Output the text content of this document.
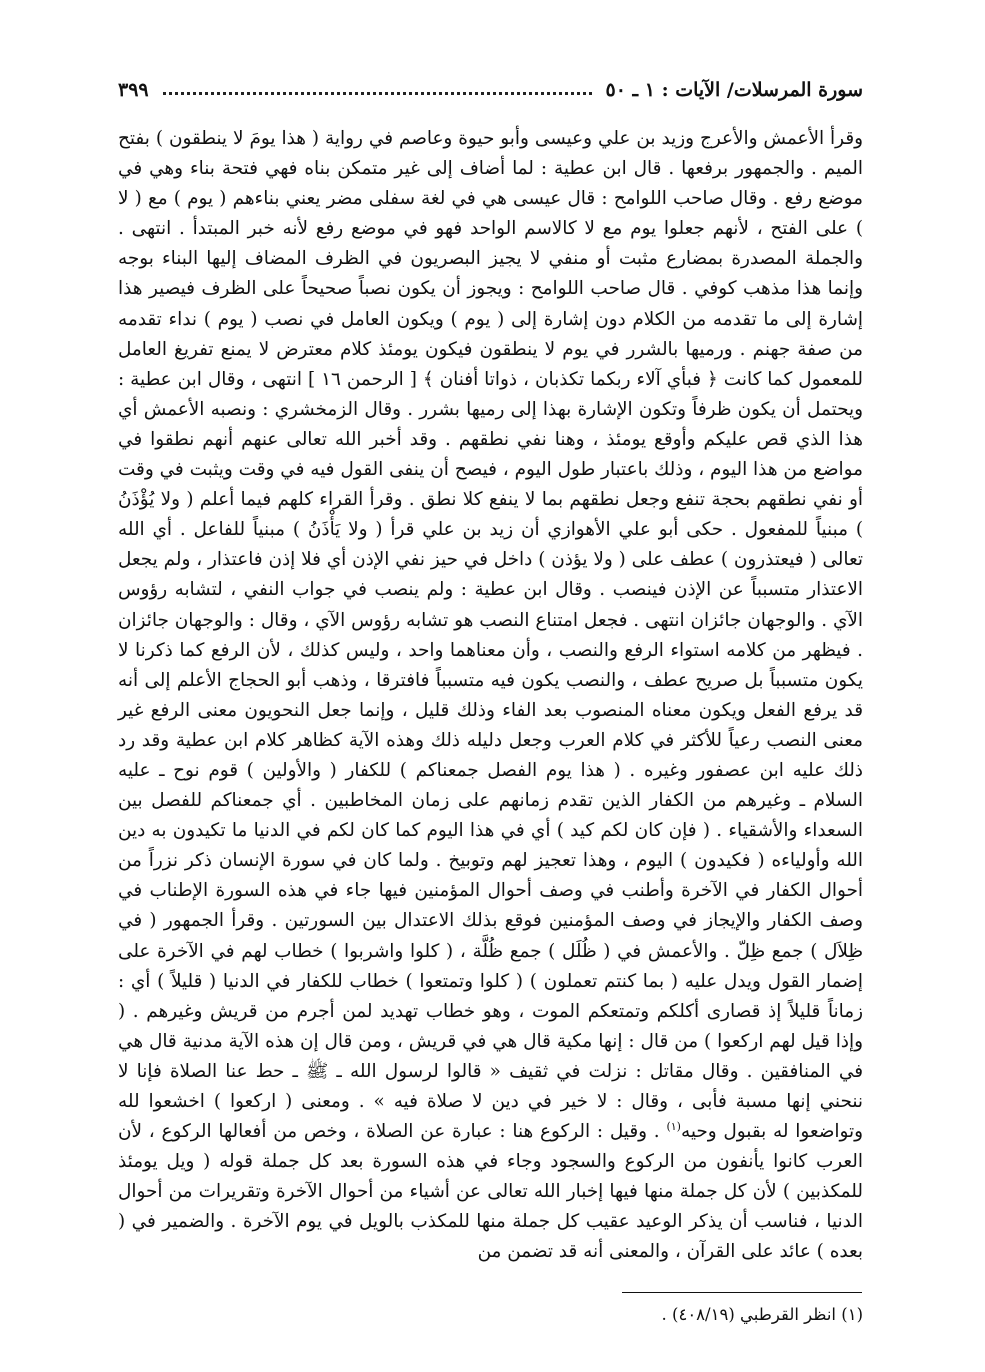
سورة المرسلات/ الآيات : ١ ـ ٥٠
٣٩٩

وقرأ الأعمش والأعرج وزيد بن علي وعيسى وأبو حيوة وعاصم في رواية ( هذا يومَ لا ينطقون ) بفتح الميم . والجمهور برفعها . قال ابن عطية : لما أضاف إلى غير متمكن بناه فهي فتحة بناء وهي في موضع رفع . وقال صاحب اللوامح : قال عيسى هي في لغة سفلى مضر يعني بناءهم ( يوم ) مع ( لا ) على الفتح ، لأنهم جعلوا يوم مع لا كالاسم الواحد فهو في موضع رفع لأنه خبر المبتدأ . انتهى . والجملة المصدرة بمضارع مثبت أو منفي لا يجيز البصريون في الظرف المضاف إليها البناء بوجه وإنما هذا مذهب كوفي . قال صاحب اللوامح : ويجوز أن يكون نصباً صحيحاً على الظرف فيصير هذا إشارة إلى ما تقدمه من الكلام دون إشارة إلى ( يوم ) ويكون العامل في نصب ( يوم ) نداء تقدمه من صفة جهنم . ورميها بالشرر في يوم لا ينطقون فيكون يومئذ كلام معترض لا يمنع تفريغ العامل للمعمول كما كانت ﴿ فبأي آلاء ربكما تكذبان ، ذواتا أفنان ﴾ [ الرحمن ١٦ ] انتهى ، وقال ابن عطية : ويحتمل أن يكون ظرفاً وتكون الإشارة بهذا إلى رميها بشرر . وقال الزمخشري : ونصبه الأعمش أي هذا الذي قص عليكم وأوقع يومئذ ، وهنا نفي نطقهم . وقد أخبر الله تعالى عنهم أنهم نطقوا في مواضع من هذا اليوم ، وذلك باعتبار طول اليوم ، فيصح أن ينفى القول فيه في وقت ويثبت في وقت أو نفي نطقهم بحجة تنفع وجعل نطقهم بما لا ينفع كلا نطق . وقرأ القراء كلهم فيما أعلم ( ولا يُؤْذَنُ ) مبنياً للمفعول . حكى أبو علي الأهوازي أن زيد بن علي قرأ ( ولا يَأْذَنُ ) مبنياً للفاعل . أي الله تعالى ( فيعتذرون ) عطف على ( ولا يؤذن ) داخل في حيز نفي الإذن أي فلا إذن فاعتذار ، ولم يجعل الاعتذار متسبباً عن الإذن فينصب . وقال ابن عطية : ولم ينصب في جواب النفي ، لتشابه رؤوس الآي . والوجهان جائزان انتهى . فجعل امتناع النصب هو تشابه رؤوس الآي ، وقال : والوجهان جائزان . فيظهر من كلامه استواء الرفع والنصب ، وأن معناهما واحد ، وليس كذلك ، لأن الرفع كما ذكرنا لا يكون متسبباً بل صريح عطف ، والنصب يكون فيه متسبباً فافترقا ، وذهب أبو الحجاج الأعلم إلى أنه قد يرفع الفعل ويكون معناه المنصوب بعد الفاء وذلك قليل ، وإنما جعل النحويون معنى الرفع غير معنى النصب رعياً للأكثر في كلام العرب وجعل دليله ذلك وهذه الآية كظاهر كلام ابن عطية وقد رد ذلك عليه ابن عصفور وغيره . ( هذا يوم الفصل جمعناكم ) للكفار ( والأولين ) قوم نوح ـ عليه السلام ـ وغيرهم من الكفار الذين تقدم زمانهم على زمان المخاطبين . أي جمعناكم للفصل بين السعداء والأشقياء . ( فإن كان لكم كيد ) أي في هذا اليوم كما كان لكم في الدنيا ما تكيدون به دين الله وأولياءه ( فكيدون ) اليوم ، وهذا تعجيز لهم وتوبيخ . ولما كان في سورة الإنسان ذكر نزراً من أحوال الكفار في الآخرة وأطنب في وصف أحوال المؤمنين فيها جاء في هذه السورة الإطناب في وصف الكفار والإيجاز في وصف المؤمنين فوقع بذلك الاعتدال بين السورتين . وقرأ الجمهور ( في ظِلاَل ) جمع ظِلّ . والأعمش في ( ظُلَل ) جمع ظُلَّة ، ( كلوا واشربوا ) خطاب لهم في الآخرة على إضمار القول ويدل عليه ( بما كنتم تعملون ) ( كلوا وتمتعوا ) خطاب للكفار في الدنيا ( قليلاً ) أي : زماناً قليلاً إذ قصارى أكلكم وتمتعكم الموت ، وهو خطاب تهديد لمن أجرم من قريش وغيرهم . ( وإذا قيل لهم اركعوا ) من قال : إنها مكية قال هي في قريش ، ومن قال إن هذه الآية مدنية قال هي في المنافقين . وقال مقاتل : نزلت في ثقيف « قالوا لرسول الله ـ ﷺ ـ حط عنا الصلاة فإنا لا ننحني إنها مسبة فأبى ، وقال : لا خير في دين لا صلاة فيه » . ومعنى ( اركعوا ) اخشعوا لله وتواضعوا له بقبول وحيه$^{(١)}$ . وقيل : الركوع هنا : عبارة عن الصلاة ، وخص من أفعالها الركوع ، لأن العرب كانوا يأنفون من الركوع والسجود وجاء في هذه السورة بعد كل جملة قوله ( ويل يومئذ للمكذبين ) لأن كل جملة منها فيها إخبار الله تعالى عن أشياء من أحوال الآخرة وتقريرات من أحوال الدنيا ، فناسب أن يذكر الوعيد عقيب كل جملة منها للمكذب بالويل في يوم الآخرة . والضمير في ( بعده ) عائد على القرآن ، والمعنى أنه قد تضمن من

(١) انظر القرطبي (٤٠٨/١٩) .
